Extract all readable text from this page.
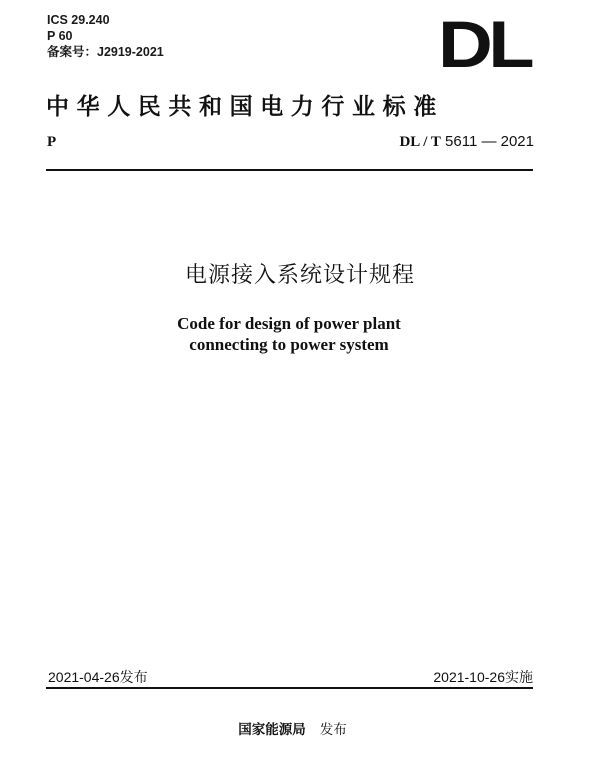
ICS 29.240
P 60
备案号：J2919-2021	DL
中华人民共和国电力行业标准
P	DL / T 5611 — 2021
电源接入系统设计规程
Code for design of power plant
connecting to power system
2021-04-26发布	2021-10-26实施
国家能源局 发布
